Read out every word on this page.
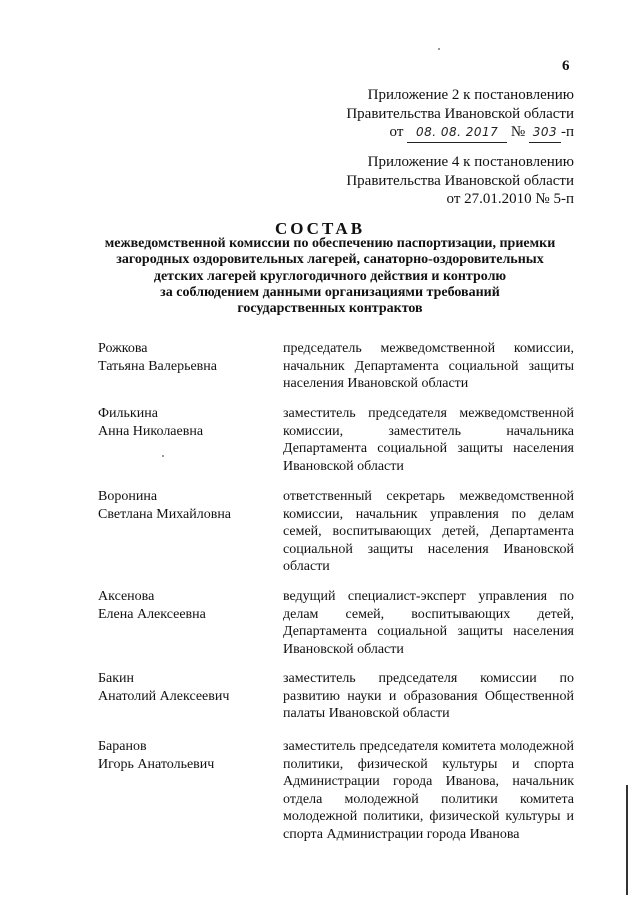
6
Приложение 2 к постановлению
Правительства Ивановской области
от 08. 08. 2017 № 303 -п
Приложение 4 к постановлению
Правительства Ивановской области
от 27.01.2010 № 5-п
СОСТАВ
межведомственной комиссии по обеспечению паспортизации, приемки
загородных оздоровительных лагерей, санаторно-оздоровительных
детских лагерей круглогодичного действия и контролю
за соблюдением данными организациями требований
государственных контрактов
Рожкова
Татьяна Валерьевна
председатель межведомственной комиссии, начальник Департамента социальной защиты населения Ивановской области
Филькина
Анна Николаевна
заместитель председателя межведомственной комиссии, заместитель начальника Департамента социальной защиты населения Ивановской области
Воронина
Светлана Михайловна
ответственный секретарь межведомственной комиссии, начальник управления по делам семей, воспитывающих детей, Департамента социальной защиты населения Ивановской области
Аксенова
Елена Алексеевна
ведущий специалист-эксперт управления по делам семей, воспитывающих детей, Департамента социальной защиты населения Ивановской области
Бакин
Анатолий Алексеевич
заместитель председателя комиссии по развитию науки и образования Общественной палаты Ивановской области
Баранов
Игорь Анатольевич
заместитель председателя комитета молодежной политики, физической культуры и спорта Администрации города Иванова, начальник отдела молодежной политики комитета молодежной политики, физической культуры и спорта Администрации города Иванова
